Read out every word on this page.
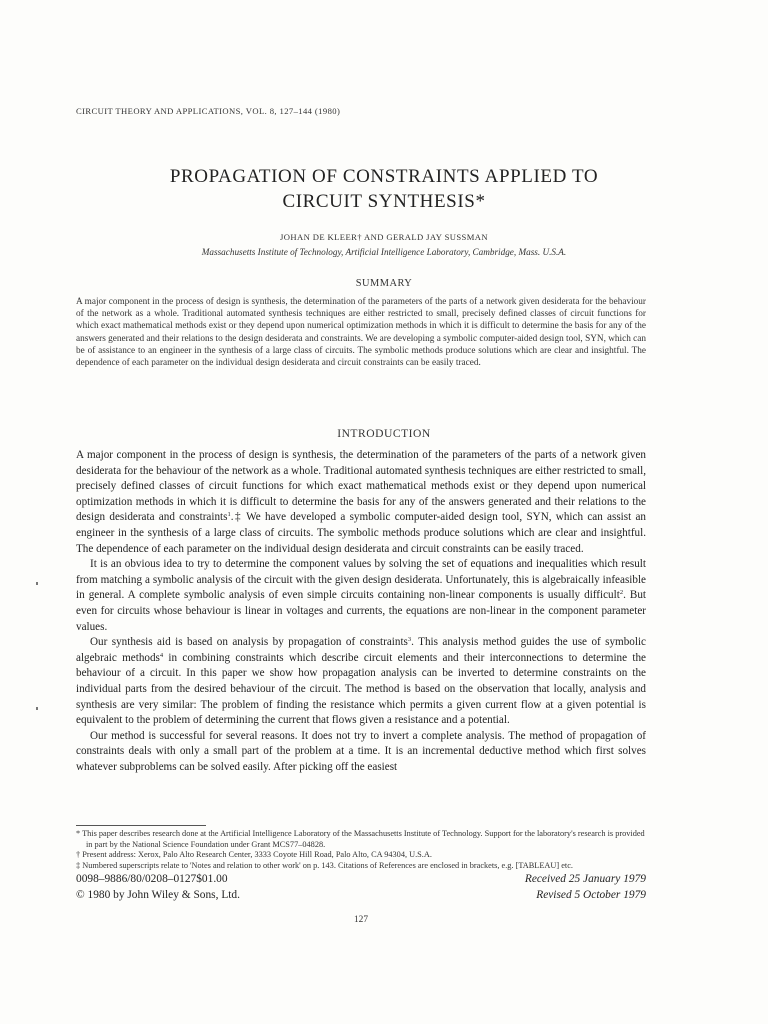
CIRCUIT THEORY AND APPLICATIONS, VOL. 8, 127–144 (1980)
PROPAGATION OF CONSTRAINTS APPLIED TO
CIRCUIT SYNTHESIS*
JOHAN DE KLEER† AND GERALD JAY SUSSMAN
Massachusetts Institute of Technology, Artificial Intelligence Laboratory, Cambridge, Mass. U.S.A.
SUMMARY
A major component in the process of design is synthesis, the determination of the parameters of the parts of a network given desiderata for the behaviour of the network as a whole. Traditional automated synthesis techniques are either restricted to small, precisely defined classes of circuit functions for which exact mathematical methods exist or they depend upon numerical optimization methods in which it is difficult to determine the basis for any of the answers generated and their relations to the design desiderata and constraints. We are developing a symbolic computer-aided design tool, SYN, which can be of assistance to an engineer in the synthesis of a large class of circuits. The symbolic methods produce solutions which are clear and insightful. The dependence of each parameter on the individual design desiderata and circuit constraints can be easily traced.
INTRODUCTION

A major component in the process of design is synthesis, the determination of the parameters of the parts of a network given desiderata for the behaviour of the network as a whole. Traditional automated synthesis techniques are either restricted to small, precisely defined classes of circuit functions for which exact mathematical methods exist or they depend upon numerical optimization methods in which it is difficult to determine the basis for any of the answers generated and their relations to the design desiderata and constraints$^1$.‡ We have developed a symbolic computer-aided design tool, SYN, which can assist an engineer in the synthesis of a large class of circuits. The symbolic methods produce solutions which are clear and insightful. The dependence of each parameter on the individual design desiderata and circuit constraints can be easily traced.

It is an obvious idea to try to determine the component values by solving the set of equations and inequalities which result from matching a symbolic analysis of the circuit with the given design desiderata. Unfortunately, this is algebraically infeasible in general. A complete symbolic analysis of even simple circuits containing non-linear components is usually difficult$^2$. But even for circuits whose behaviour is linear in voltages and currents, the equations are non-linear in the component parameter values.

Our synthesis aid is based on analysis by propagation of constraints$^3$. This analysis method guides the use of symbolic algebraic methods$^4$ in combining constraints which describe circuit elements and their interconnections to determine the behaviour of a circuit. In this paper we show how propagation analysis can be inverted to determine constraints on the individual parts from the desired behaviour of the circuit. The method is based on the observation that locally, analysis and synthesis are very similar: The problem of finding the resistance which permits a given current flow at a given potential is equivalent to the problem of determining the current that flows given a resistance and a potential.

Our method is successful for several reasons. It does not try to invert a complete analysis. The method of propagation of constraints deals with only a small part of the problem at a time. It is an incremental deductive method which first solves whatever subproblems can be solved easily. After picking off the easiest

* This paper describes research done at the Artificial Intelligence Laboratory of the Massachusetts Institute of Technology. Support for the laboratory's research is provided in part by the National Science Foundation under Grant MCS77–04828.
† Present address: Xerox, Palo Alto Research Center, 3333 Coyote Hill Road, Palo Alto, CA 94304, U.S.A.
‡ Numbered superscripts relate to 'Notes and relation to other work' on p. 143. Citations of References are enclosed in brackets, e.g. [TABLEAU] etc.
0098–9886/80/0208–0127$01.00
© 1980 by John Wiley & Sons, Ltd.
Received 25 January 1979
Revised 5 October 1979
127
